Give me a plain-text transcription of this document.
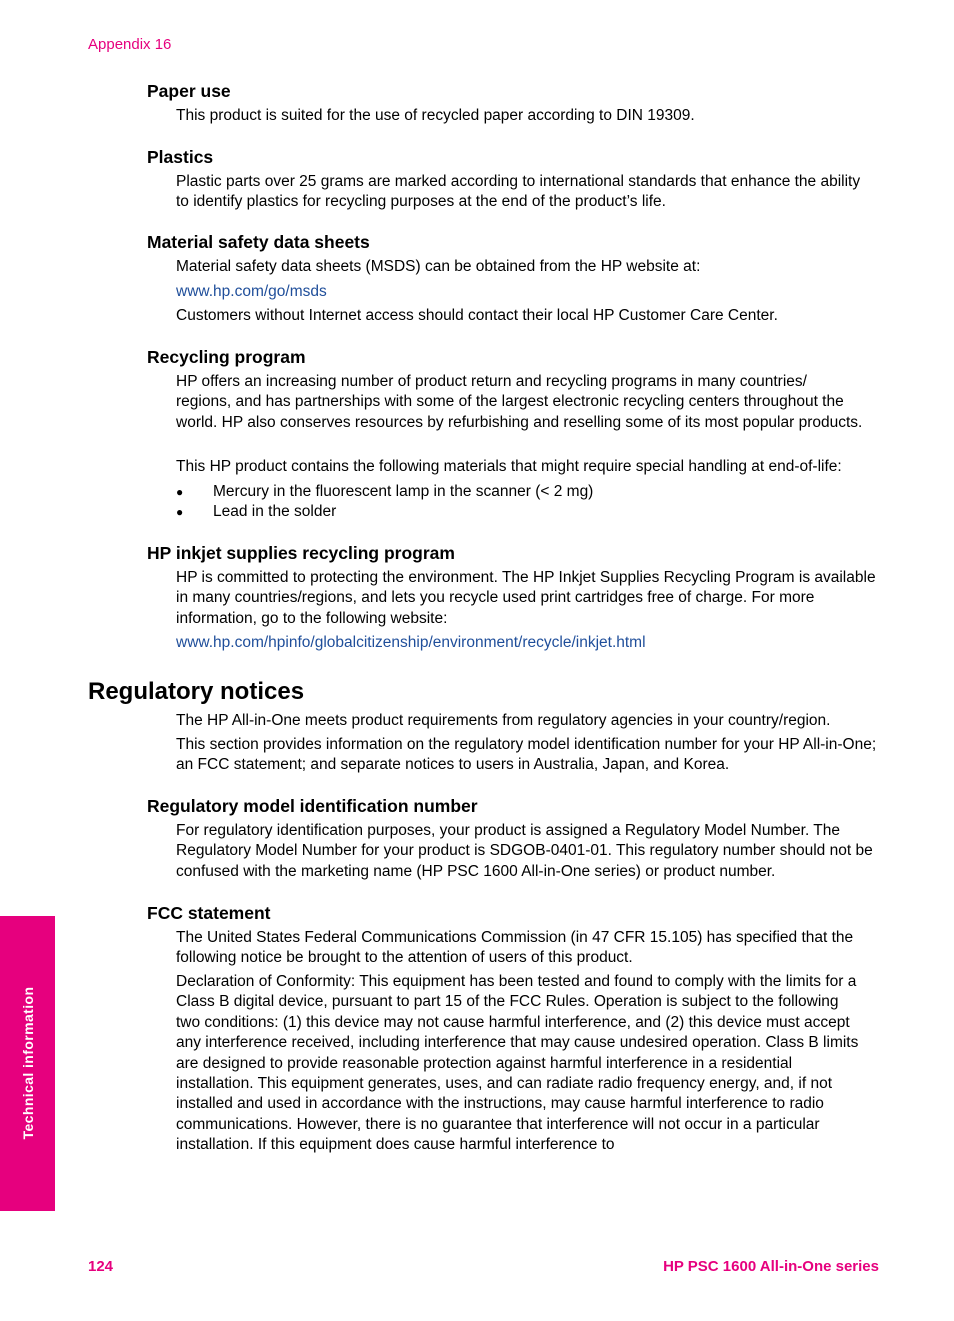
Appendix 16
Paper use

This product is suited for the use of recycled paper according to DIN 19309.

Plastics

Plastic parts over 25 grams are marked according to international standards that enhance the ability to identify plastics for recycling purposes at the end of the product’s life.

Material safety data sheets

Material safety data sheets (MSDS) can be obtained from the HP website at:

www.hp.com/go/msds

Customers without Internet access should contact their local HP Customer Care Center.

Recycling program

HP offers an increasing number of product return and recycling programs in many countries/ regions, and has partnerships with some of the largest electronic recycling centers throughout the world. HP also conserves resources by refurbishing and reselling some of its most popular products.

This HP product contains the following materials that might require special handling at end-of-life:

● Mercury in the fluorescent lamp in the scanner (< 2 mg)
● Lead in the solder
HP inkjet supplies recycling program

HP is committed to protecting the environment. The HP Inkjet Supplies Recycling Program is available in many countries/regions, and lets you recycle used print cartridges free of charge. For more information, go to the following website:

www.hp.com/hpinfo/globalcitizenship/environment/recycle/inkjet.html

Regulatory notices

The HP All-in-One meets product requirements from regulatory agencies in your country/region.

This section provides information on the regulatory model identification number for your HP All-in-One; an FCC statement; and separate notices to users in Australia, Japan, and Korea.

Regulatory model identification number

For regulatory identification purposes, your product is assigned a Regulatory Model Number. The Regulatory Model Number for your product is SDGOB-0401-01. This regulatory number should not be confused with the marketing name (HP PSC 1600 All-in-One series) or product number.

FCC statement

The United States Federal Communications Commission (in 47 CFR 15.105) has specified that the following notice be brought to the attention of users of this product.

Declaration of Conformity: This equipment has been tested and found to comply with the limits for a Class B digital device, pursuant to part 15 of the FCC Rules. Operation is subject to the following two conditions: (1) this device may not cause harmful interference, and (2) this device must accept any interference received, including interference that may cause undesired operation. Class B limits are designed to provide reasonable protection against harmful interference in a residential installation. This equipment generates, uses, and can radiate radio frequency energy, and, if not installed and used in accordance with the instructions, may cause harmful interference to radio communications. However, there is no guarantee that interference will not occur in a particular installation. If this equipment does cause harmful interference to

Technical information
124	HP PSC 1600 All-in-One series
